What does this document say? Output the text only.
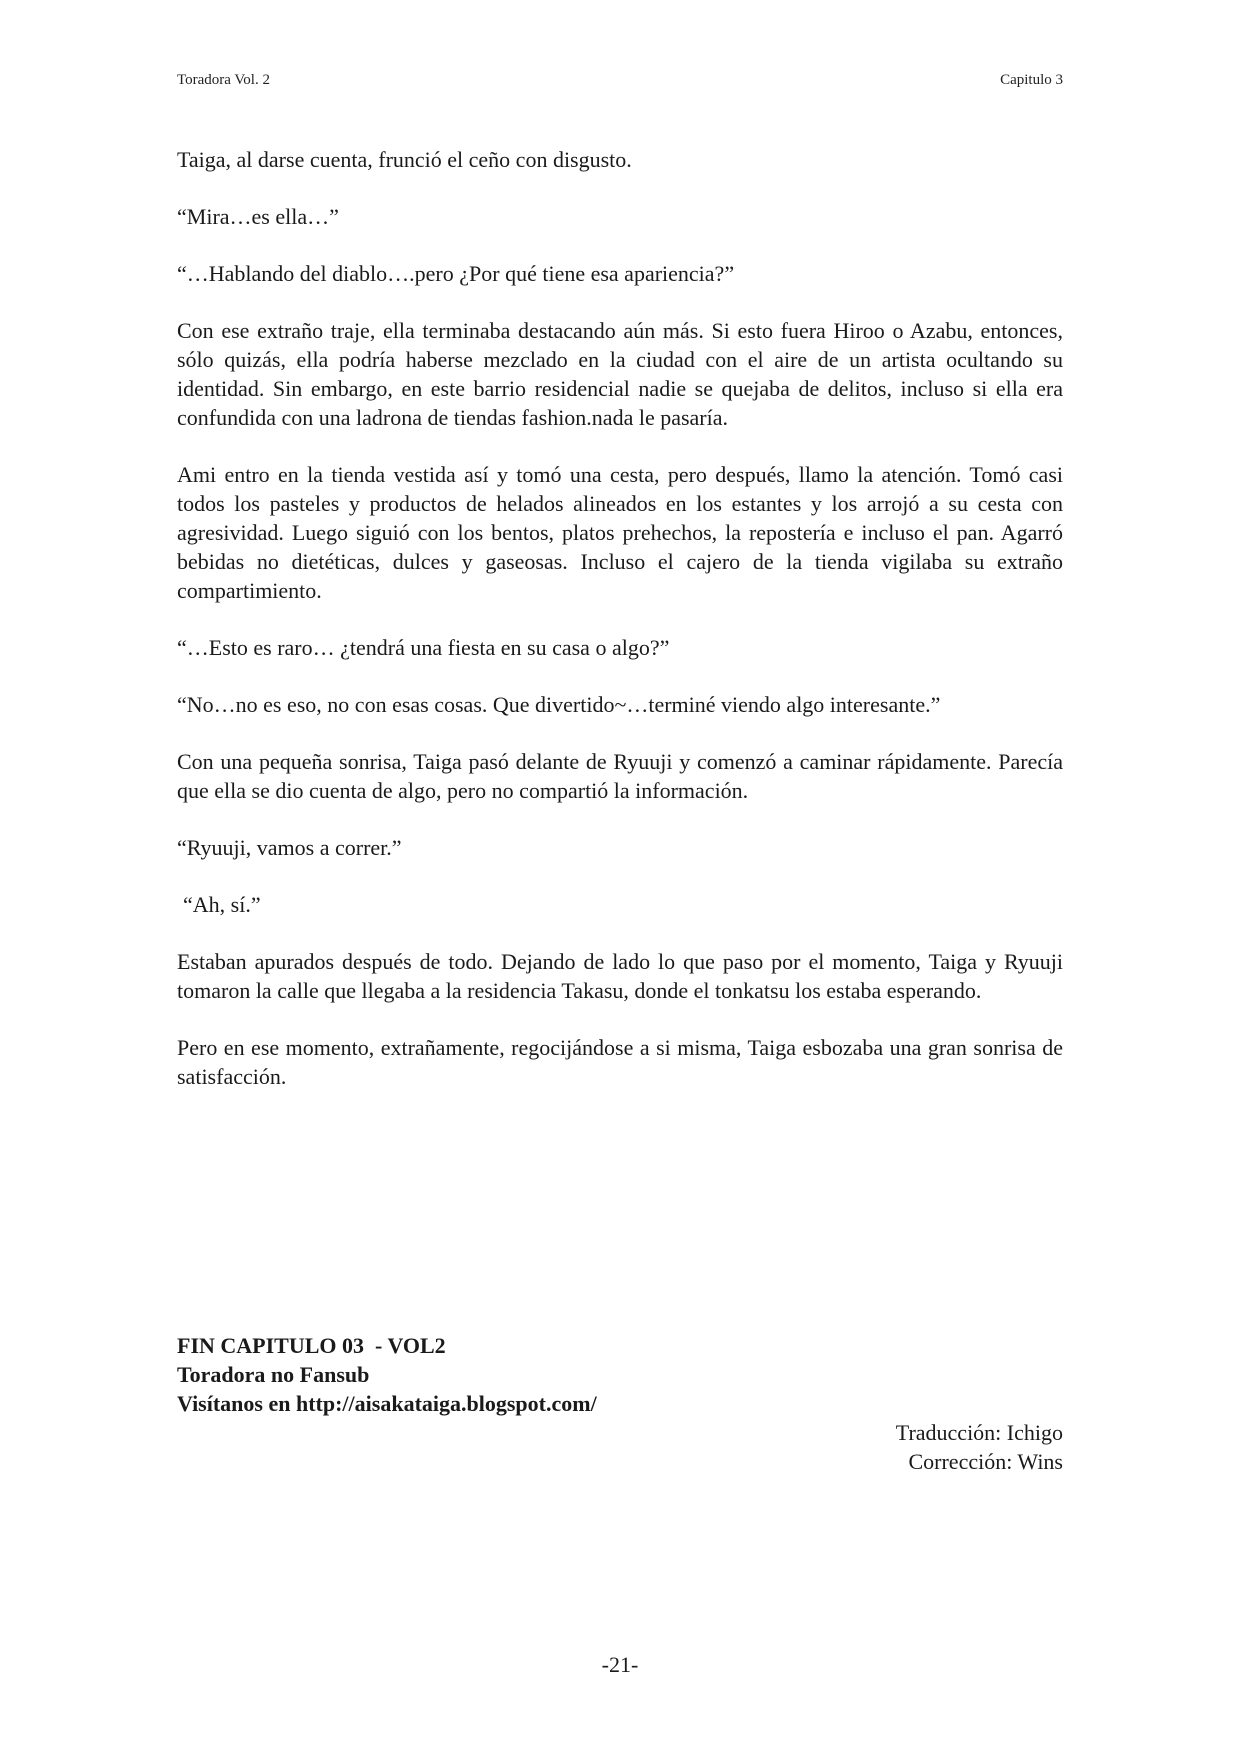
Toradora Vol. 2	Capitulo 3

Taiga, al darse cuenta, frunció el ceño con disgusto.

“Mira…es ella…”

“…Hablando del diablo….pero ¿Por qué tiene esa apariencia?”

Con ese extraño traje, ella terminaba destacando aún más. Si esto fuera Hiroo o Azabu, entonces, sólo quizás, ella podría haberse mezclado en la ciudad con el aire de un artista ocultando su identidad. Sin embargo, en este barrio residencial nadie se quejaba de delitos, incluso si ella era confundida con una ladrona de tiendas fashion.nada le pasaría.

Ami entro en la tienda vestida así y tomó una cesta, pero después, llamo la atención. Tomó casi todos los pasteles y productos de helados alineados en los estantes y los arrojó a su cesta con agresividad. Luego siguió con los bentos, platos prehechos, la repostería e incluso el pan. Agarró bebidas no dietéticas, dulces y gaseosas. Incluso el cajero de la tienda vigilaba su extraño compartimiento.

“…Esto es raro… ¿tendrá una fiesta en su casa o algo?”

“No…no es eso, no con esas cosas. Que divertido~…terminé viendo algo interesante.”

Con una pequeña sonrisa, Taiga pasó delante de Ryuuji y comenzó a caminar rápidamente. Parecía que ella se dio cuenta de algo, pero no compartió la información.

“Ryuuji, vamos a correr.”

“Ah, sí.”

Estaban apurados después de todo. Dejando de lado lo que paso por el momento, Taiga y Ryuuji tomaron la calle que llegaba a la residencia Takasu, donde el tonkatsu los estaba esperando.

Pero en ese momento, extrañamente, regocijándose a si misma, Taiga esbozaba una gran sonrisa de satisfacción.

FIN CAPITULO 03  - VOL2
Toradora no Fansub
Visítanos en http://aisakataiga.blogspot.com/
Traducción: Ichigo
Corrección: Wins
-21-
